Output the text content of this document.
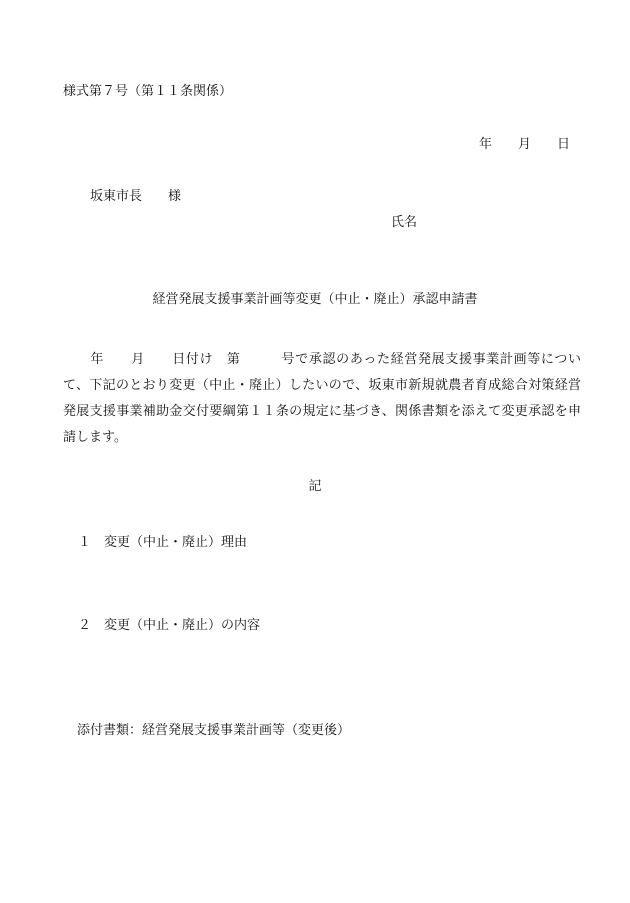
様式第７号（第１１条関係）
年　　月　　日
坂東市長　　様
氏名
経営発展支援事業計画等変更（中止・廃止）承認申請書
　　年　　月　　日付け　第　　　号で承認のあった経営発展支援事業計画等について、下記のとおり変更（中止・廃止）したいので、坂東市新規就農者育成総合対策経営発展支援事業補助金交付要綱第１１条の規定に基づき、関係書類を添えて変更承認を申請します。
記
１　変更（中止・廃止）理由
２　変更（中止・廃止）の内容
添付書類：経営発展支援事業計画等（変更後）
